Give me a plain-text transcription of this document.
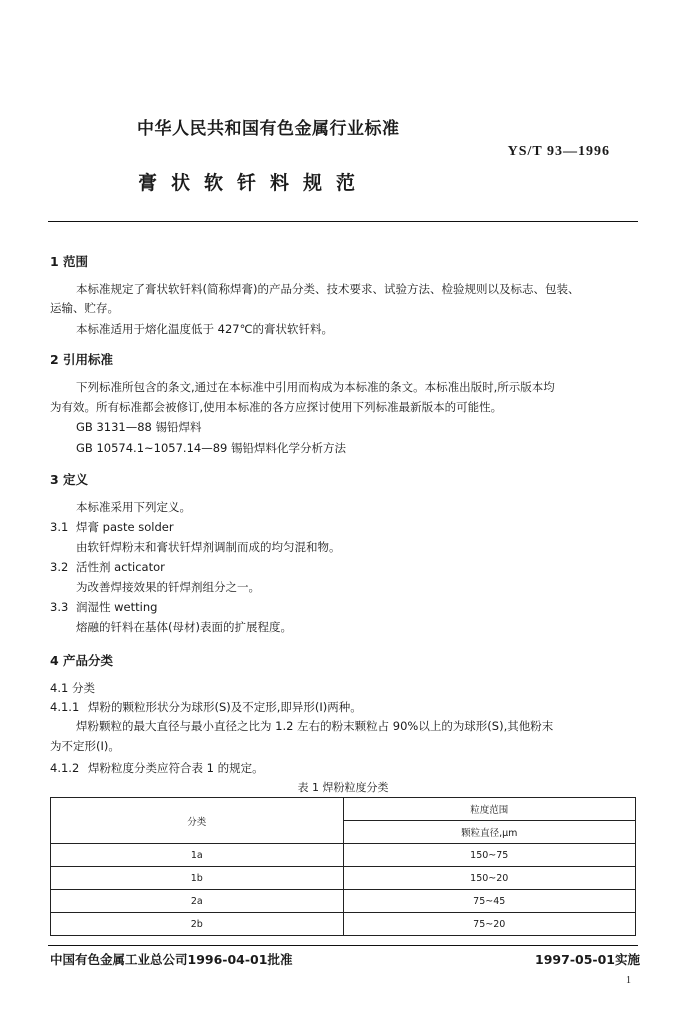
中华人民共和国有色金属行业标准
YS/T 93—1996
膏状软钎料规范
1 范围
本标准规定了膏状软钎料(简称焊膏)的产品分类、技术要求、试验方法、检验规则以及标志、包装、
运输、贮存。
本标准适用于熔化温度低于 427℃的膏状软钎料。
2 引用标准
下列标准所包含的条文,通过在本标准中引用而构成为本标准的条文。本标准出版时,所示版本均
为有效。所有标准都会被修订,使用本标准的各方应探讨使用下列标准最新版本的可能性。
GB 3131—88 锡铅焊料
GB 10574.1~1057.14—89 锡铅焊料化学分析方法
3 定义
本标准采用下列定义。
3.1 焊膏 paste solder
由软钎焊粉末和膏状钎焊剂调制而成的均匀混和物。
3.2 活性剂 acticator
为改善焊接效果的钎焊剂组分之一。
3.3 润湿性 wetting
熔融的钎料在基体(母材)表面的扩展程度。
4 产品分类
4.1 分类
4.1.1 焊粉的颗粒形状分为球形(S)及不定形,即异形(I)两种。
焊粉颗粒的最大直径与最小直径之比为 1.2 左右的粉末颗粒占 90%以上的为球形(S),其他粉末
为不定形(I)。
4.1.2 焊粉粒度分类应符合表 1 的规定。
表 1 焊粉粒度分类
分类	粒度范围
	颗粒直径,μm
1a	150~75
1b	150~20
2a	75~45
2b	75~20
中国有色金属工业总公司1996-04-01批准	1997-05-01实施
1
